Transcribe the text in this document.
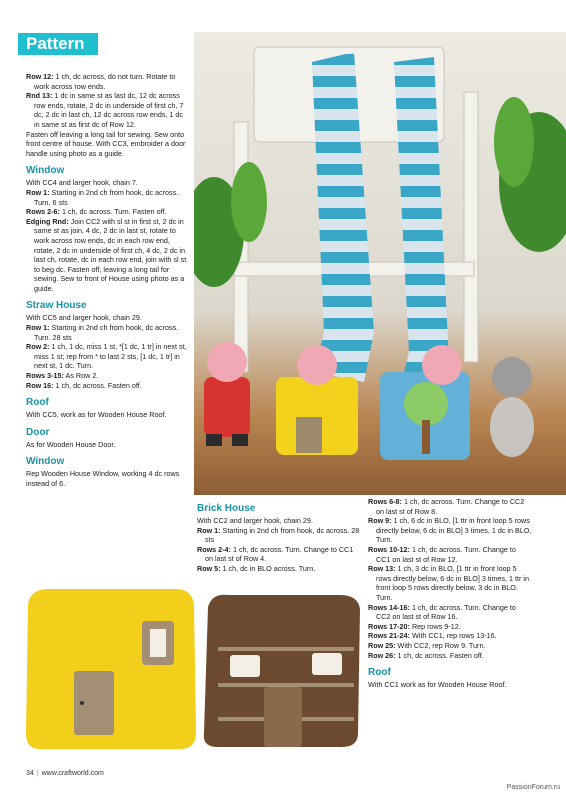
Pattern

Row 12: 1 ch, dc across, do not turn. Rotate to work across row ends.

Rnd 13: 1 dc in same st as last dc, 12 dc across row ends, rotate, 2 dc in underside of first ch, 7 dc, 2 dc in last ch, 12 dc across row ends, 1 dc in same st as first dc of Row 12.

Fasten off leaving a long tail for sewing. Sew onto front centre of house. With CC3, embroider a door handle using photo as a guide.

Window

With CC4 and larger hook, chain 7.

Row 1: Starting in 2nd ch from hook, dc across. Turn. 6 sts

Rows 2-6: 1 ch, dc across. Turn. Fasten off.

Edging Rnd: Join CC2 with sl st in first st, 2 dc in same st as join, 4 dc, 2 dc in last st, rotate to work across row ends, dc in each row end, rotate, 2 dc in underside of first ch, 4 dc, 2 dc in last ch, rotate, dc in each row end, join with sl st to beg dc. Fasten off, leaving a long tail for sewing. Sew to front of House using photo as a guide.

Straw House

With CC5 and larger hook, chain 29.

Row 1: Starting in 2nd ch from hook, dc across. Turn. 28 sts

Row 2: 1 ch, 1 dc, miss 1 st, *[1 dc, 1 tr] in next st, miss 1 st; rep from * to last 2 sts, [1 dc, 1 tr] in next st, 1 dc. Turn.

Rows 3-15: As Row 2.

Row 16: 1 ch, dc across. Fasten off.

Roof

With CC5, work as for Wooden House Roof.

Door

As for Wooden House Door.

Window

Rep Wooden House Window, working 4 dc rows instead of 6.

Brick House

With CC2 and larger hook, chain 29.

Row 1: Starting in 2nd ch from hook, dc across. 28 sts

Rows 2-4: 1 ch, dc across. Turn. Change to CC1 on last st of Row 4.

Row 5: 1 ch, dc in BLO across. Turn.

Rows 6-8: 1 ch, dc across. Turn. Change to CC2 on last st of Row 8.

Row 9: 1 ch, 6 dc in BLO, [1 ttr in front loop 5 rows directly below, 6 dc in BLO] 3 times, 1 dc in BLO. Turn.

Rows 10-12: 1 ch, dc across. Turn. Change to CC1 on last st of Row 12.

Row 13: 1 ch, 3 dc in BLO, [1 ttr in front loop 5 rows directly below, 6 dc in BLO] 3 times, 1 ttr in front loop 5 rows directly below, 3 dc in BLO. Turn.

Rows 14-16: 1 ch, dc across. Turn. Change to CC2 on last st of Row 16.

Rows 17-20: Rep rows 9-12.

Rows 21-24: With CC1, rep rows 13-16.

Row 25: With CC2, rep Row 9. Turn.

Row 26: 1 ch, dc across. Fasten off.

Roof

With CC1 work as for Wooden House Roof.

34 | www.craftworld.com
PassionForum.ru
